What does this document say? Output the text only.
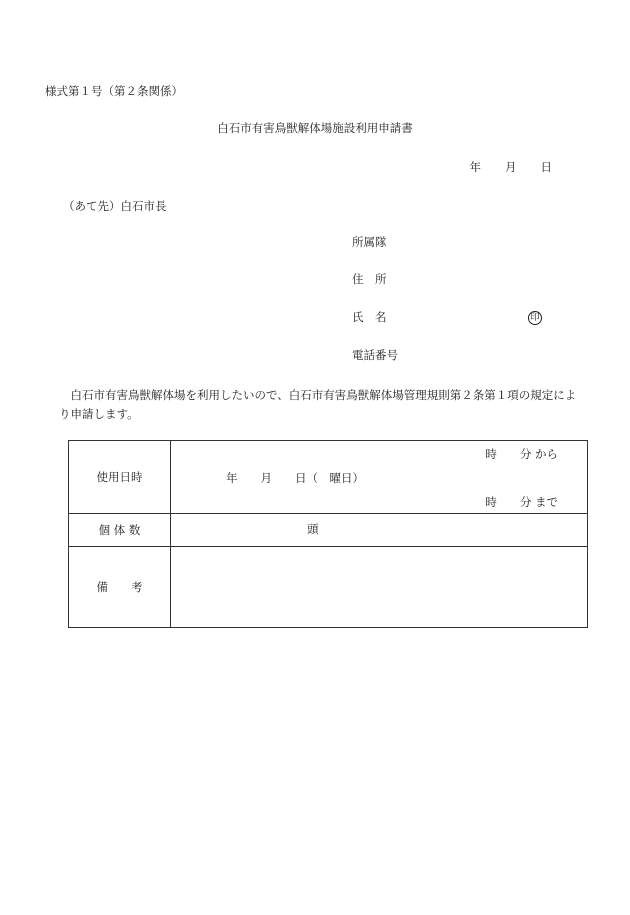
様式第１号（第２条関係）
白石市有害鳥獣解体場施設利用申請書
年 月 日
（あて先）白石市長
所属隊
住　所
氏　名	印
電話番号
白石市有害鳥獣解体場を利用したいので、白石市有害鳥獣解体場管理規則第２条第１項の規定により申請します。
使用日時	時　　分 から
年　　月　　日（　曜日）
時　　分 まで

個 体 数	頭

備　　考	
